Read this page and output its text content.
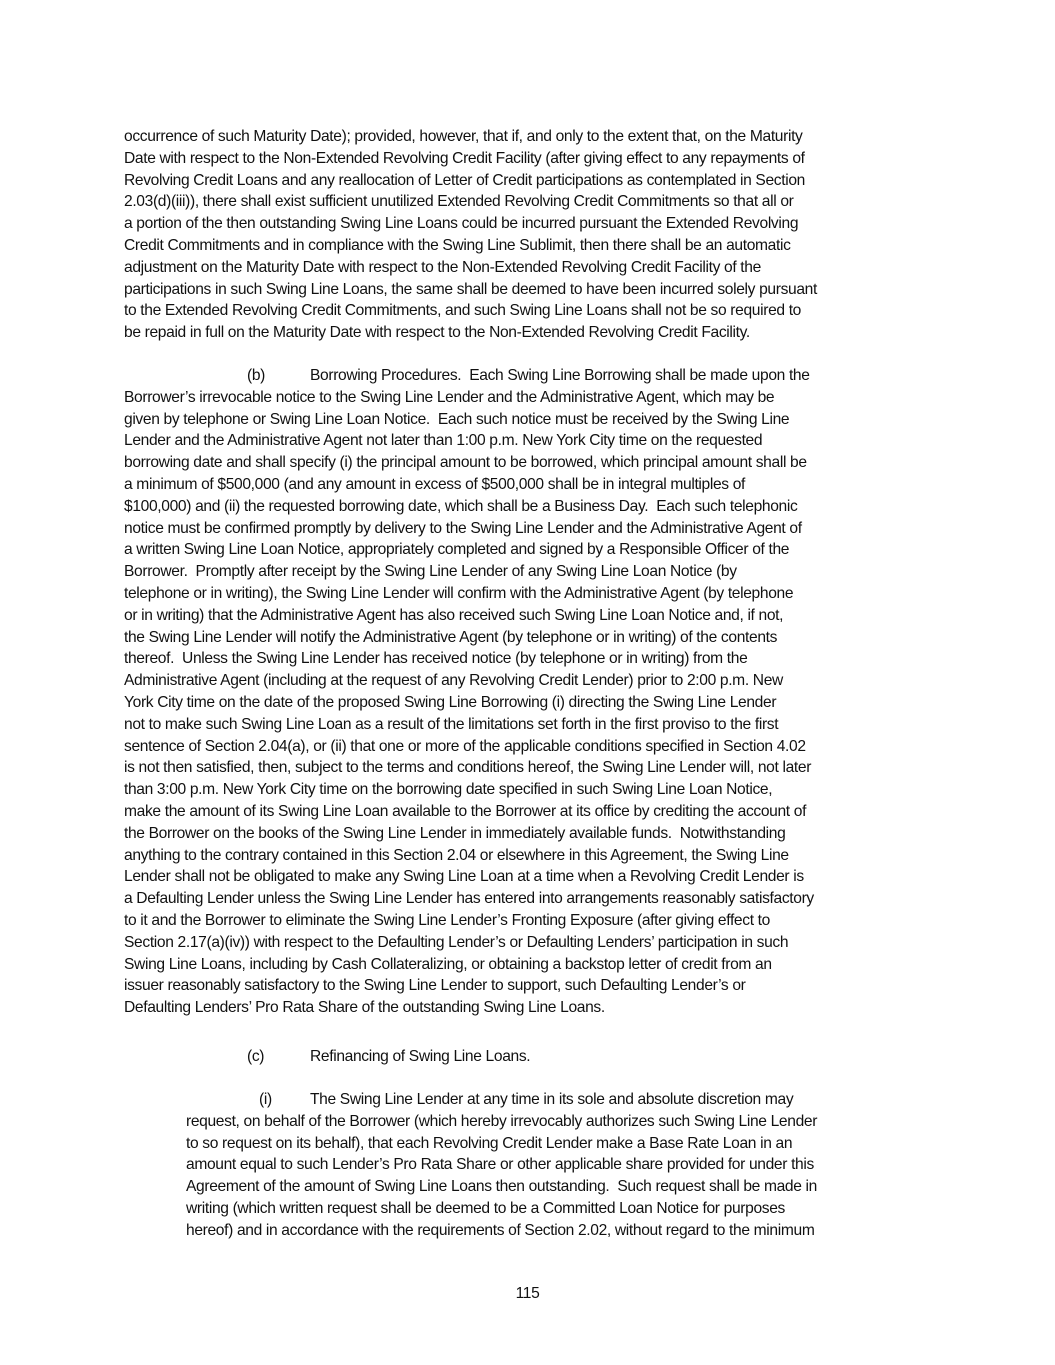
occurrence of such Maturity Date); provided, however, that if, and only to the extent that, on the Maturity
Date with respect to the Non-Extended Revolving Credit Facility (after giving effect to any repayments of
Revolving Credit Loans and any reallocation of Letter of Credit participations as contemplated in Section
2.03(d)(iii)), there shall exist sufficient unutilized Extended Revolving Credit Commitments so that all or
a portion of the then outstanding Swing Line Loans could be incurred pursuant the Extended Revolving
Credit Commitments and in compliance with the Swing Line Sublimit, then there shall be an automatic
adjustment on the Maturity Date with respect to the Non-Extended Revolving Credit Facility of the
participations in such Swing Line Loans, the same shall be deemed to have been incurred solely pursuant
to the Extended Revolving Credit Commitments, and such Swing Line Loans shall not be so required to
be repaid in full on the Maturity Date with respect to the Non-Extended Revolving Credit Facility.
(b)	Borrowing Procedures.  Each Swing Line Borrowing shall be made upon the
Borrower’s irrevocable notice to the Swing Line Lender and the Administrative Agent, which may be
given by telephone or Swing Line Loan Notice.  Each such notice must be received by the Swing Line
Lender and the Administrative Agent not later than 1:00 p.m. New York City time on the requested
borrowing date and shall specify (i) the principal amount to be borrowed, which principal amount shall be
a minimum of $500,000 (and any amount in excess of $500,000 shall be in integral multiples of
$100,000) and (ii) the requested borrowing date, which shall be a Business Day.  Each such telephonic
notice must be confirmed promptly by delivery to the Swing Line Lender and the Administrative Agent of
a written Swing Line Loan Notice, appropriately completed and signed by a Responsible Officer of the
Borrower.  Promptly after receipt by the Swing Line Lender of any Swing Line Loan Notice (by
telephone or in writing), the Swing Line Lender will confirm with the Administrative Agent (by telephone
or in writing) that the Administrative Agent has also received such Swing Line Loan Notice and, if not,
the Swing Line Lender will notify the Administrative Agent (by telephone or in writing) of the contents
thereof.  Unless the Swing Line Lender has received notice (by telephone or in writing) from the
Administrative Agent (including at the request of any Revolving Credit Lender) prior to 2:00 p.m. New
York City time on the date of the proposed Swing Line Borrowing (i) directing the Swing Line Lender
not to make such Swing Line Loan as a result of the limitations set forth in the first proviso to the first
sentence of Section 2.04(a), or (ii) that one or more of the applicable conditions specified in Section 4.02
is not then satisfied, then, subject to the terms and conditions hereof, the Swing Line Lender will, not later
than 3:00 p.m. New York City time on the borrowing date specified in such Swing Line Loan Notice,
make the amount of its Swing Line Loan available to the Borrower at its office by crediting the account of
the Borrower on the books of the Swing Line Lender in immediately available funds.  Notwithstanding
anything to the contrary contained in this Section 2.04 or elsewhere in this Agreement, the Swing Line
Lender shall not be obligated to make any Swing Line Loan at a time when a Revolving Credit Lender is
a Defaulting Lender unless the Swing Line Lender has entered into arrangements reasonably satisfactory
to it and the Borrower to eliminate the Swing Line Lender’s Fronting Exposure (after giving effect to
Section 2.17(a)(iv)) with respect to the Defaulting Lender’s or Defaulting Lenders’ participation in such
Swing Line Loans, including by Cash Collateralizing, or obtaining a backstop letter of credit from an
issuer reasonably satisfactory to the Swing Line Lender to support, such Defaulting Lender’s or
Defaulting Lenders’ Pro Rata Share of the outstanding Swing Line Loans.
(c)	Refinancing of Swing Line Loans.
(i) The Swing Line Lender at any time in its sole and absolute discretion may
request, on behalf of the Borrower (which hereby irrevocably authorizes such Swing Line Lender
to so request on its behalf), that each Revolving Credit Lender make a Base Rate Loan in an
amount equal to such Lender’s Pro Rata Share or other applicable share provided for under this
Agreement of the amount of Swing Line Loans then outstanding.  Such request shall be made in
writing (which written request shall be deemed to be a Committed Loan Notice for purposes
hereof) and in accordance with the requirements of Section 2.02, without regard to the minimum
115
